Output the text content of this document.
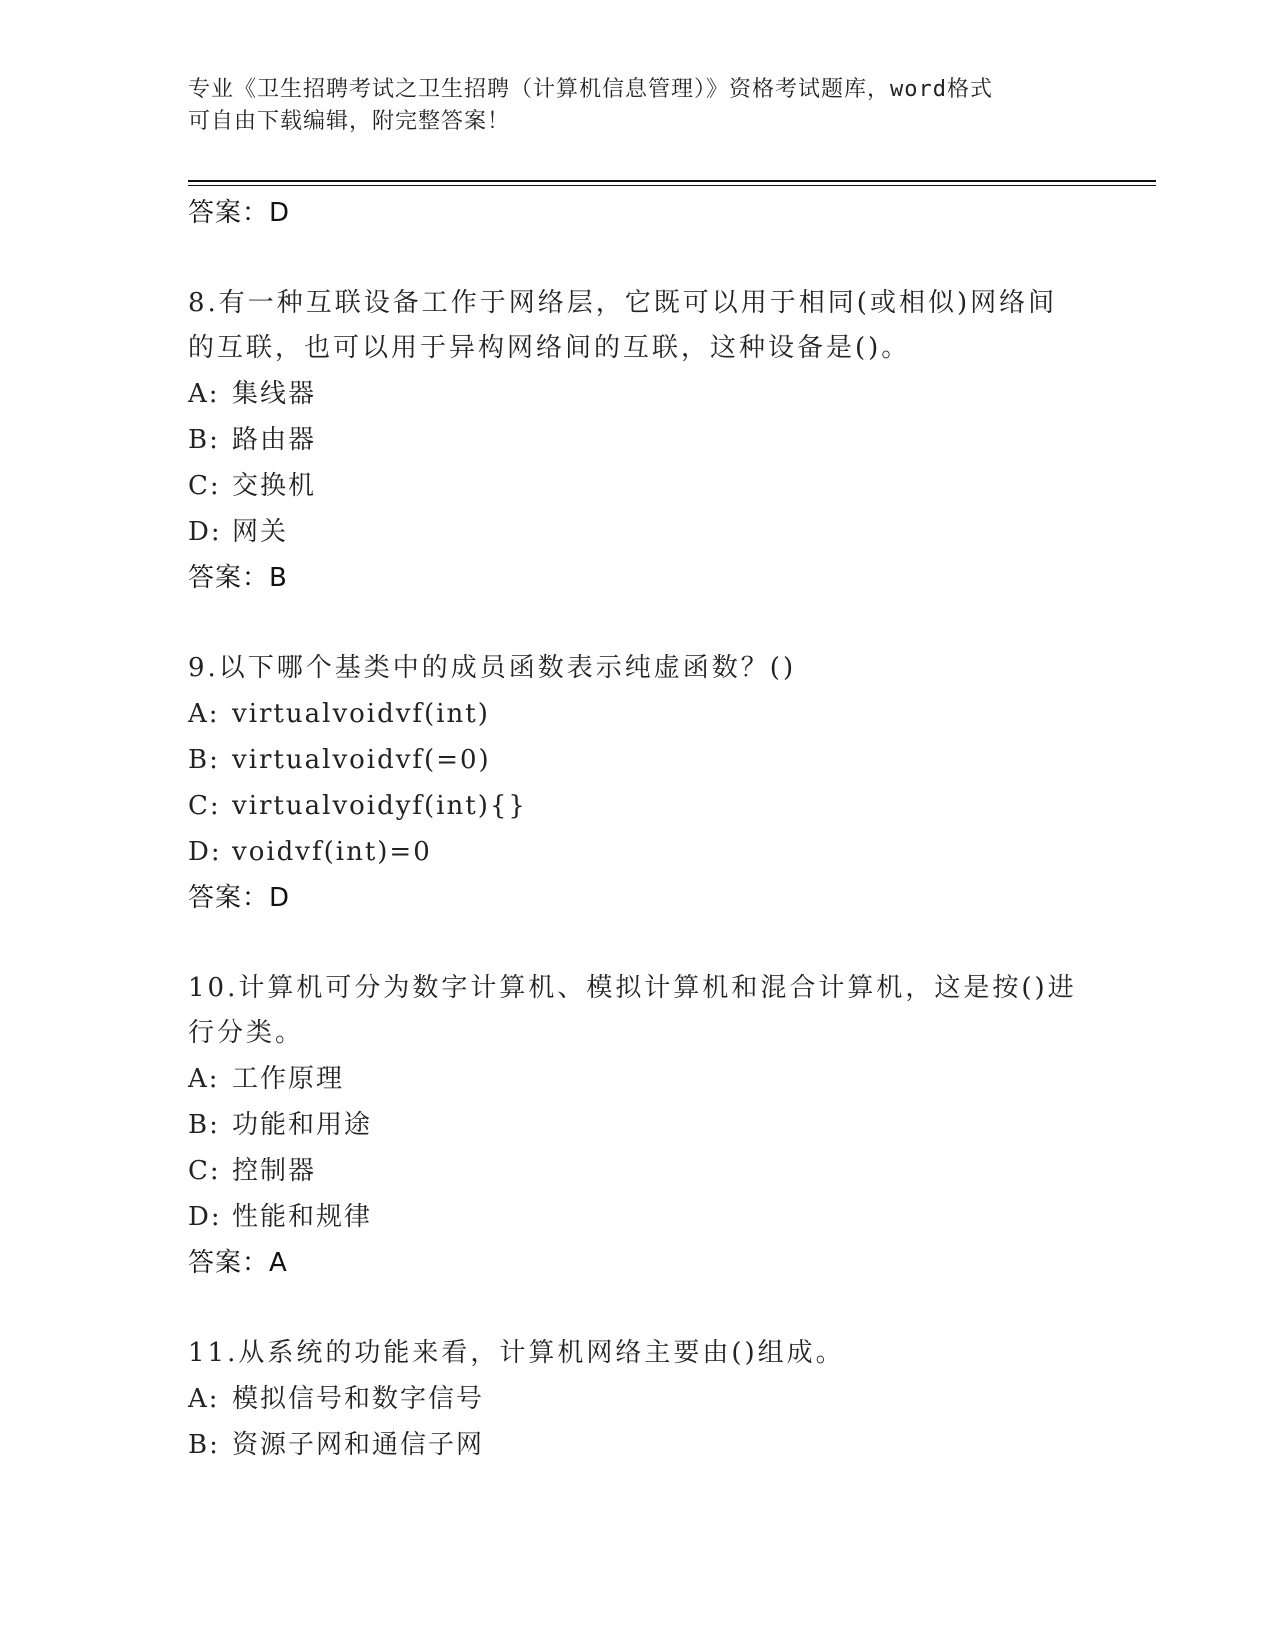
专业《卫生招聘考试之卫生招聘（计算机信息管理）》资格考试题库，word格式
可自由下载编辑，附完整答案！
答案：D
8.有一种互联设备工作于网络层，它既可以用于相同(或相似)网络间
的互联，也可以用于异构网络间的互联，这种设备是()。
A: 集线器
B: 路由器
C: 交换机
D: 网关
答案：B
9.以下哪个基类中的成员函数表示纯虚函数？()
A: virtualvoidvf(int)
B: virtualvoidvf(=0)
C: virtualvoidyf(int){}
D: voidvf(int)=0
答案：D
10.计算机可分为数字计算机、模拟计算机和混合计算机，这是按()进
行分类。
A: 工作原理
B: 功能和用途
C: 控制器
D: 性能和规律
答案：A
11.从系统的功能来看，计算机网络主要由()组成。
A: 模拟信号和数字信号
B: 资源子网和通信子网
